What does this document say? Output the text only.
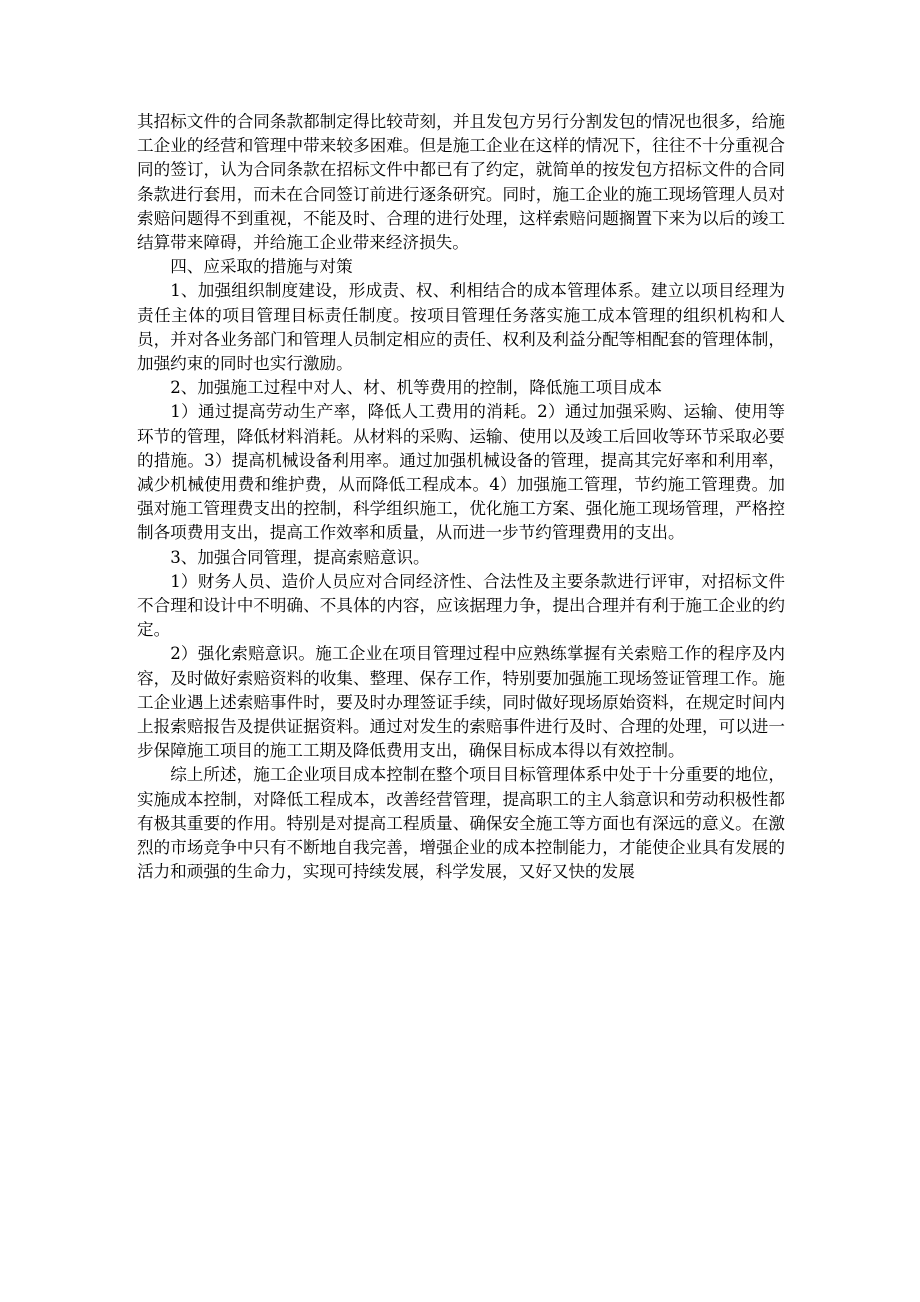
其招标文件的合同条款都制定得比较苛刻，并且发包方另行分割发包的情况也很多，给施工企业的经营和管理中带来较多困难。但是施工企业在这样的情况下，往往不十分重视合同的签订，认为合同条款在招标文件中都已有了约定，就简单的按发包方招标文件的合同条款进行套用，而未在合同签订前进行逐条研究。同时，施工企业的施工现场管理人员对索赔问题得不到重视，不能及时、合理的进行处理，这样索赔问题搁置下来为以后的竣工结算带来障碍，并给施工企业带来经济损失。

四、应采取的措施与对策

1、加强组织制度建设，形成责、权、利相结合的成本管理体系。建立以项目经理为责任主体的项目管理目标责任制度。按项目管理任务落实施工成本管理的组织机构和人员，并对各业务部门和管理人员制定相应的责任、权利及利益分配等相配套的管理体制，加强约束的同时也实行激励。

2、加强施工过程中对人、材、机等费用的控制，降低施工项目成本

1）通过提高劳动生产率，降低人工费用的消耗。2）通过加强采购、运输、使用等环节的管理，降低材料消耗。从材料的采购、运输、使用以及竣工后回收等环节采取必要的措施。3）提高机械设备利用率。通过加强机械设备的管理，提高其完好率和利用率，减少机械使用费和维护费，从而降低工程成本。4）加强施工管理，节约施工管理费。加强对施工管理费支出的控制，科学组织施工，优化施工方案、强化施工现场管理，严格控制各项费用支出，提高工作效率和质量，从而进一步节约管理费用的支出。

3、加强合同管理，提高索赔意识。

1）财务人员、造价人员应对合同经济性、合法性及主要条款进行评审，对招标文件不合理和设计中不明确、不具体的内容，应该据理力争，提出合理并有利于施工企业的约定。

2）强化索赔意识。施工企业在项目管理过程中应熟练掌握有关索赔工作的程序及内容，及时做好索赔资料的收集、整理、保存工作，特别要加强施工现场签证管理工作。施工企业遇上述索赔事件时，要及时办理签证手续，同时做好现场原始资料，在规定时间内上报索赔报告及提供证据资料。通过对发生的索赔事件进行及时、合理的处理，可以进一步保障施工项目的施工工期及降低费用支出，确保目标成本得以有效控制。

综上所述，施工企业项目成本控制在整个项目目标管理体系中处于十分重要的地位，实施成本控制，对降低工程成本，改善经营管理，提高职工的主人翁意识和劳动积极性都有极其重要的作用。特别是对提高工程质量、确保安全施工等方面也有深远的意义。在激烈的市场竞争中只有不断地自我完善，增强企业的成本控制能力，才能使企业具有发展的活力和顽强的生命力，实现可持续发展，科学发展，又好又快的发展
